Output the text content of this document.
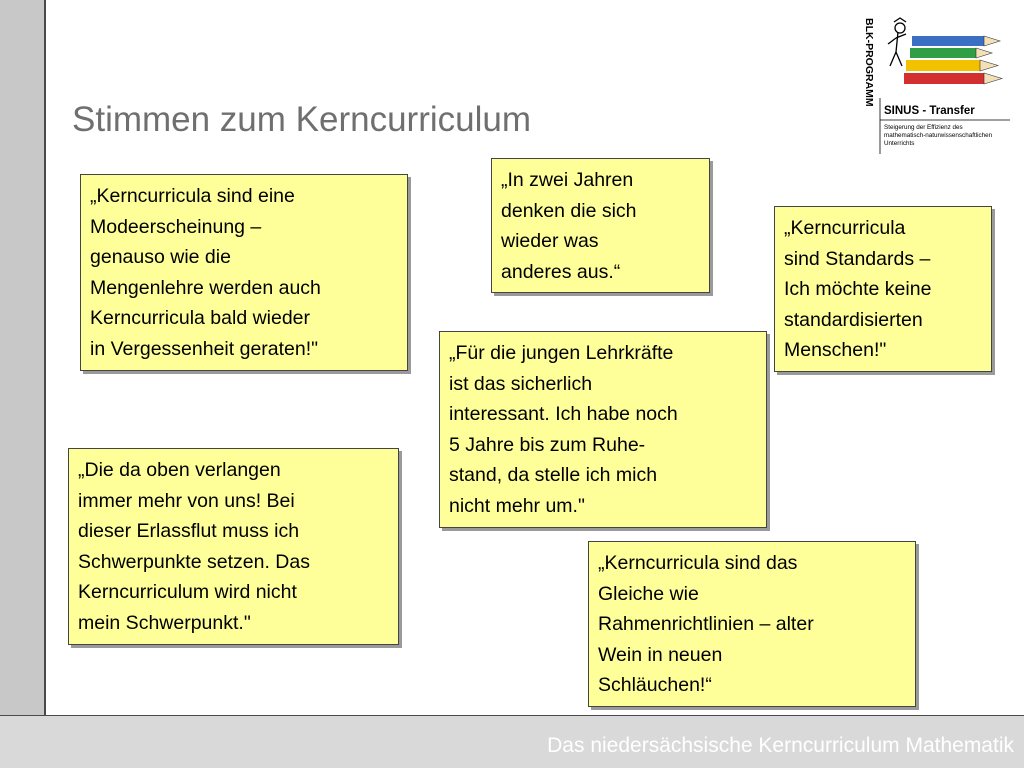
Stimmen zum Kerncurriculum
BLK-PROGRAMM
SINUS - Transfer
Steigerung der Effizienz des
mathematisch-naturwissenschaftlichen
Unterrichts
„Kerncurricula sind eine
Modeerscheinung –
genauso wie die
Mengenlehre werden auch
Kerncurricula bald wieder
in Vergessenheit geraten!"
„In zwei Jahren
denken die sich
wieder was
anderes aus.“
„Kerncurricula
sind Standards –
Ich möchte keine
standardisierten
Menschen!"
„Für die jungen Lehrkräfte
ist das sicherlich
interessant. Ich habe noch
5 Jahre bis zum Ruhe-
stand, da stelle ich mich
nicht mehr um."
„Die da oben verlangen
immer mehr von uns! Bei
dieser Erlassflut muss ich
Schwerpunkte setzen. Das
Kerncurriculum wird nicht
mein Schwerpunkt."
„Kerncurricula sind das
Gleiche wie
Rahmenrichtlinien – alter
Wein in neuen
Schläuchen!“
Das niedersächsische Kerncurriculum Mathematik
